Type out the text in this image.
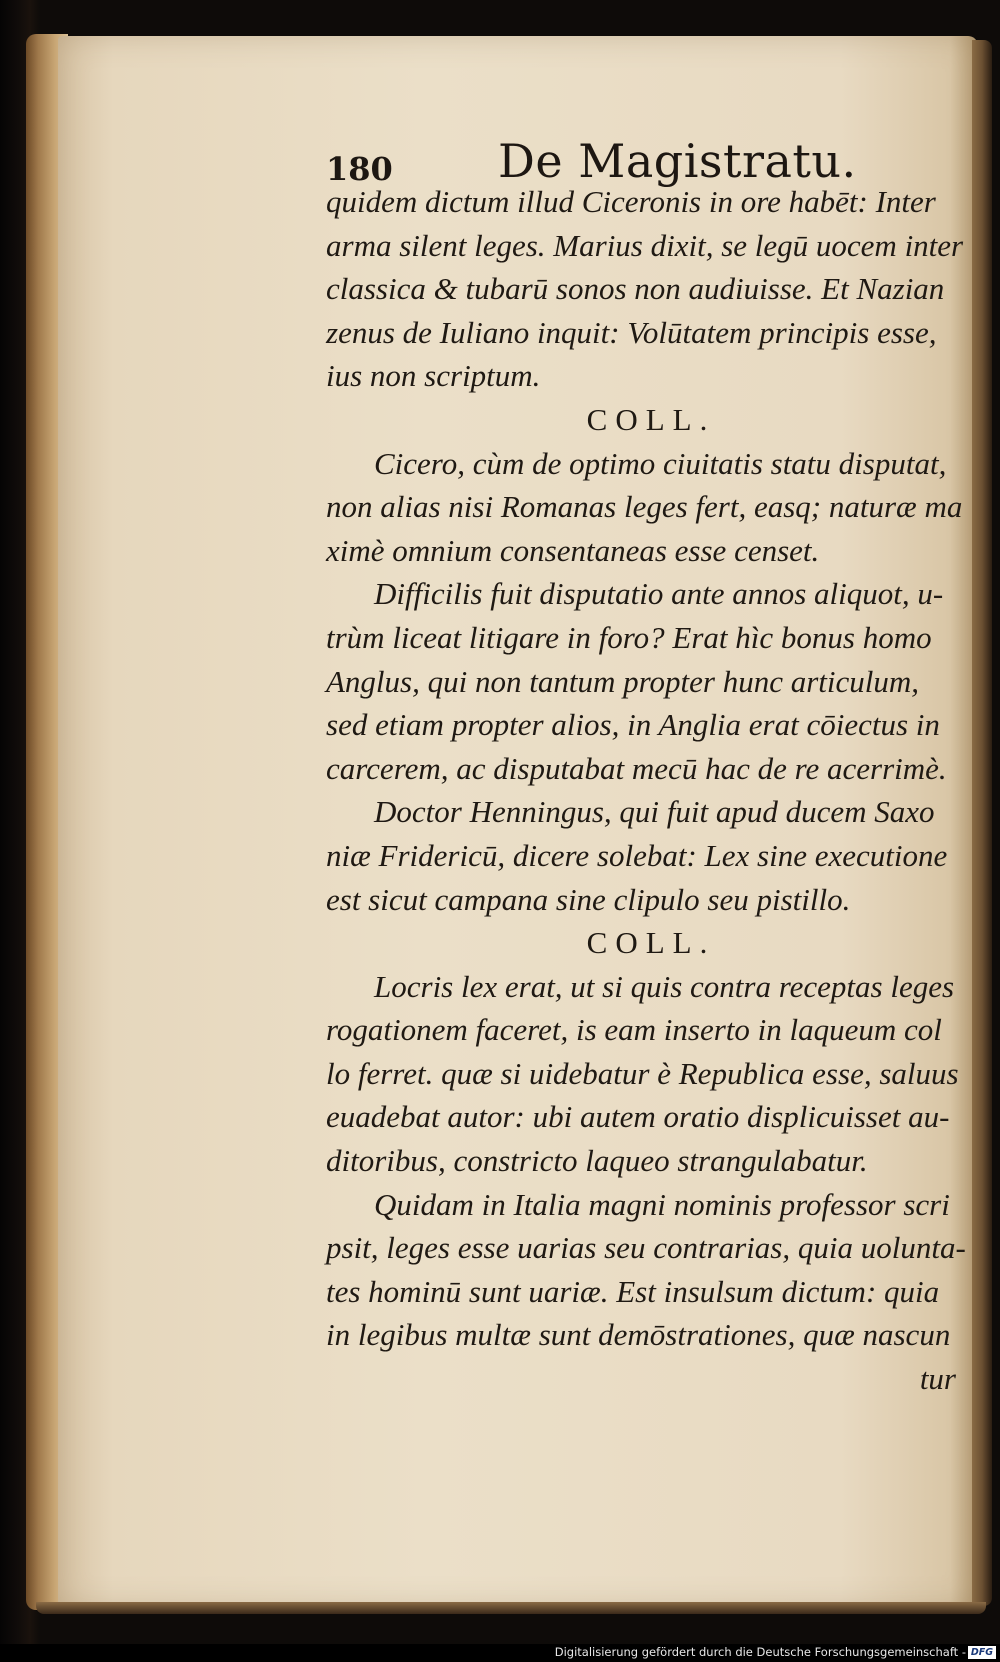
180 De Magistratu.
quidem dictum illud Ciceronis in ore habēt: Inter
arma silent leges. Marius dixit, se legū uocem inter
classica & tubarū sonos non audiuisse. Et Nazian
zenus de Iuliano inquit: Volūtatem principis esse,
ius non scriptum.
COLL.
Cicero, cùm de optimo ciuitatis statu disputat,
non alias nisi Romanas leges fert, easq; naturæ ma
ximè omnium consentaneas esse censet.
Difficilis fuit disputatio ante annos aliquot, u-
trùm liceat litigare in foro? Erat hìc bonus homo
Anglus, qui non tantum propter hunc articulum,
sed etiam propter alios, in Anglia erat cōiectus in
carcerem, ac disputabat mecū hac de re acerrimè.
Doctor Henningus, qui fuit apud ducem Saxo
niæ Fridericū, dicere solebat: Lex sine executione
est sicut campana sine clipulo seu pistillo.
COLL.
Locris lex erat, ut si quis contra receptas leges
rogationem faceret, is eam inserto in laqueum col
lo ferret. quæ si uidebatur è Republica esse, saluus
euadebat autor: ubi autem oratio displicuisset au-
ditoribus, constricto laqueo strangulabatur.
Quidam in Italia magni nominis professor scri
psit, leges esse uarias seu contrarias, quia uolunta-
tes hominū sunt uariæ. Est insulsum dictum: quia
in legibus multæ sunt demōstrationes, quæ nascun
tur
Digitalisierung gefördert durch die Deutsche Forschungsgemeinschaft - DFG
